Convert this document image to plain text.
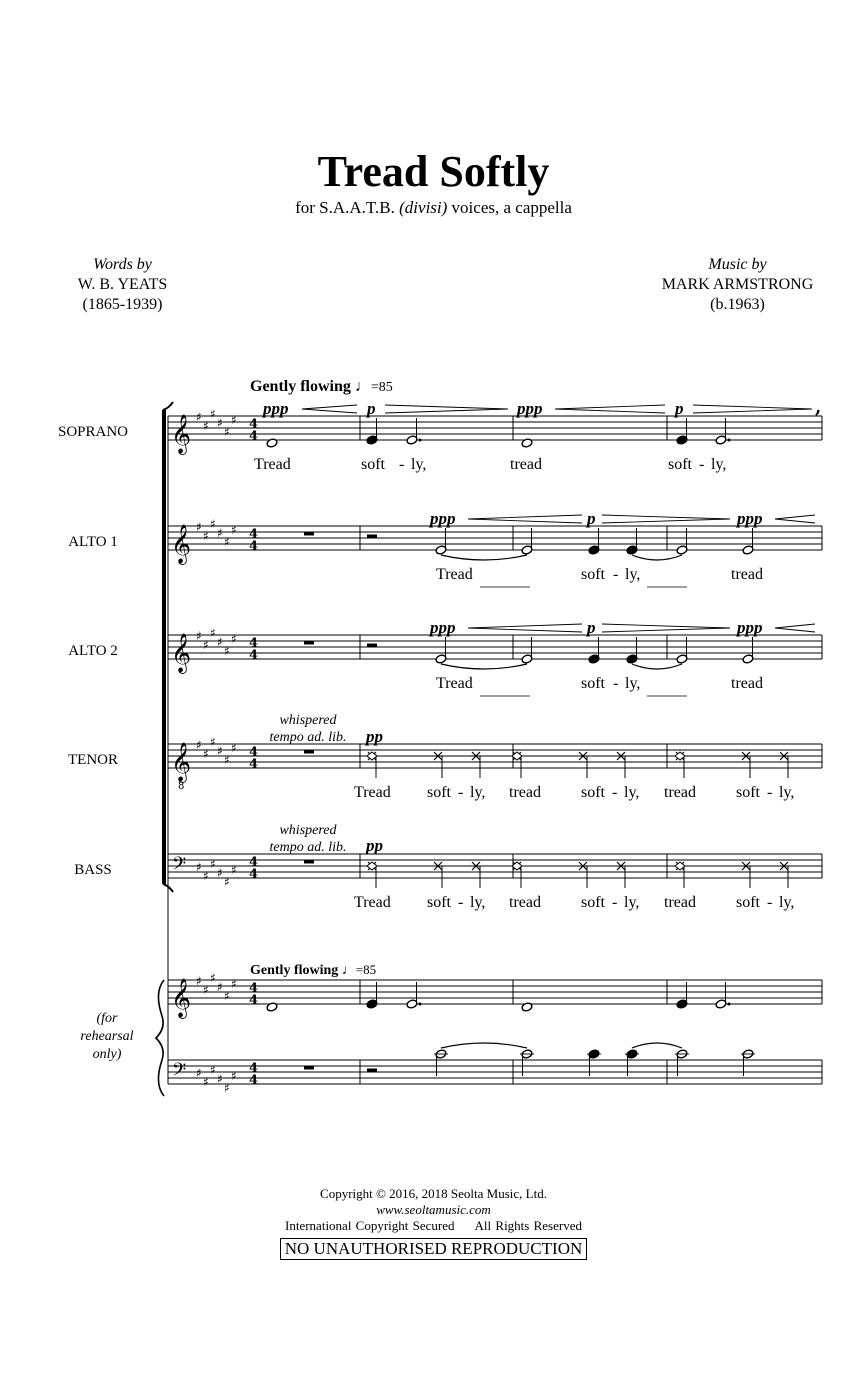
Tread Softly
for S.A.A.T.B. (divisi) voices, a cappella
Words by
W. B. YEATS
(1865-1939)
Music by
MARK ARMSTRONG
(b.1963)
𝄞 ♯
♯
♯
♯
♯
♯ 4
4
𝄞 ♯
♯
♯
♯
♯
♯ 4
4
𝄞 ♯
♯
♯
♯
♯
♯ 4
4
𝄞
8
♯
♯
♯
♯
♯
♯ 4
4
𝄢 ♯
♯
♯
♯
♯
♯ 4
4
𝄞 ♯
♯
♯
♯
♯
♯ 4
4
𝄢 ♯
♯
♯
♯
♯
♯ 4
4
,
SOPRANO
ALTO 1
ALTO 2
TENOR
BASS
Gently flowing ♩=85
Gently flowing ♩=85
ppp	p	ppp	p
ppp	p	ppp
ppp	p	ppp
whispered
tempo ad. lib.	pp
whispered
tempo ad. lib.	pp
Tread	soft - ly,	tread	soft - ly,
Tread	soft - ly,	tread
Tread	soft - ly,	tread
Tread soft - ly, tread	soft - ly, tread	soft - ly,
Tread soft - ly, tread	soft - ly, tread	soft - ly,
(for
rehearsal
only)
Copyright © 2016, 2018 Seolta Music, Ltd.
www.seoltamusic.com
International Copyright Secured All Rights Reserved
NO UNAUTHORISED REPRODUCTION
